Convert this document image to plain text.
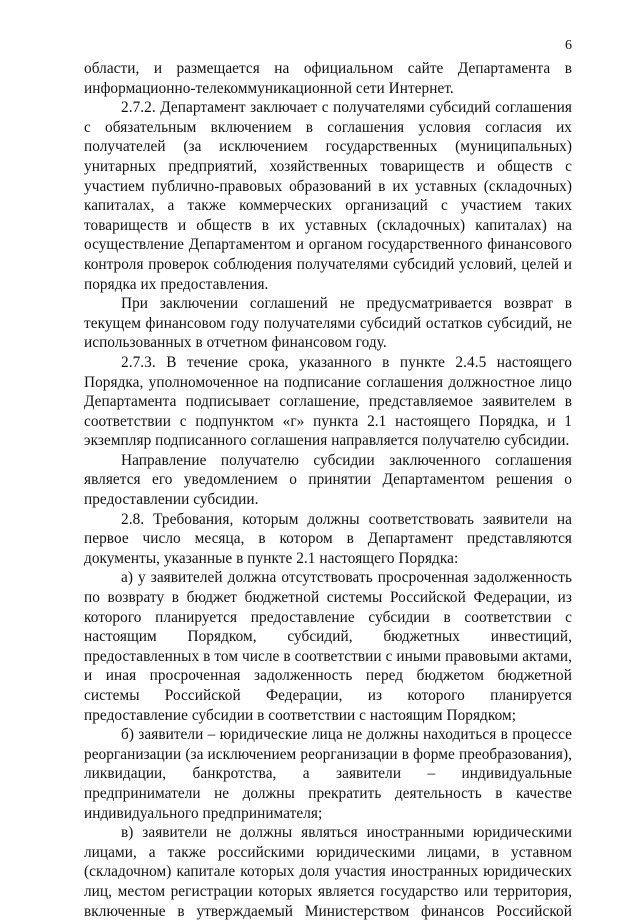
6

области, и размещается на официальном сайте Департамента в информационно-телекоммуникационной сети Интернет.

2.7.2. Департамент заключает с получателями субсидий соглашения с обязательным включением в соглашения условия согласия их получателей (за исключением государственных (муниципальных) унитарных предприятий, хозяйственных товариществ и обществ с участием публично-правовых образований в их уставных (складочных) капиталах, а также коммерческих организаций с участием таких товариществ и обществ в их уставных (складочных) капиталах) на осуществление Департаментом и органом государственного финансового контроля проверок соблюдения получателями субсидий условий, целей и порядка их предоставления.

При заключении соглашений не предусматривается возврат в текущем финансовом году получателями субсидий остатков субсидий, не использованных в отчетном финансовом году.

2.7.3. В течение срока, указанного в пункте 2.4.5 настоящего Порядка, уполномоченное на подписание соглашения должностное лицо Департамента подписывает соглашение, представляемое заявителем в соответствии с подпунктом «г» пункта 2.1 настоящего Порядка, и 1 экземпляр подписанного соглашения направляется получателю субсидии.

Направление получателю субсидии заключенного соглашения является его уведомлением о принятии Департаментом решения о предоставлении субсидии.

2.8. Требования, которым должны соответствовать заявители на первое число месяца, в котором в Департамент представляются документы, указанные в пункте 2.1 настоящего Порядка:

а) у заявителей должна отсутствовать просроченная задолженность по возврату в бюджет бюджетной системы Российской Федерации, из которого планируется предоставление субсидии в соответствии с настоящим Порядком, субсидий, бюджетных инвестиций, предоставленных в том числе в соответствии с иными правовыми актами, и иная просроченная задолженность перед бюджетом бюджетной системы Российской Федерации, из которого планируется предоставление субсидии в соответствии с настоящим Порядком;

б) заявители – юридические лица не должны находиться в процессе реорганизации (за исключением реорганизации в форме преобразования), ликвидации, банкротства, а заявители – индивидуальные предприниматели не должны прекратить деятельность в качестве индивидуального предпринимателя;

в) заявители не должны являться иностранными юридическими лицами, а также российскими юридическими лицами, в уставном (складочном) капитале которых доля участия иностранных юридических лиц, местом регистрации которых является государство или территория, включенные в утверждаемый Министерством финансов Российской
